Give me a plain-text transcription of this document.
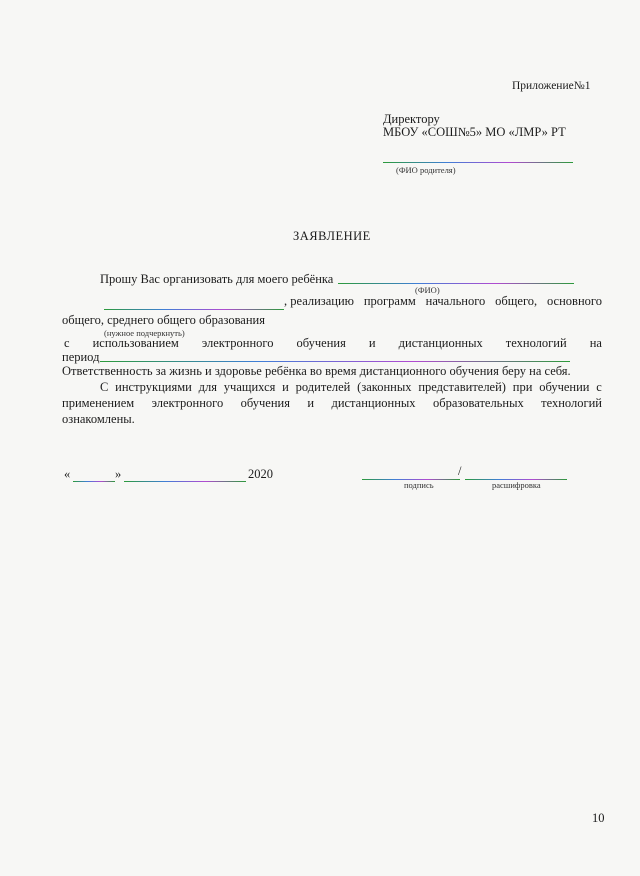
Приложение№1
Директору
МБОУ «СОШ№5» МО «ЛМР» РТ
(ФИО родителя)
ЗАЯВЛЕНИЕ
Прошу Вас организовать для моего ребёнка
(ФИО)
, реализацию программ начального общего, основного
общего, среднего общего образования
(нужное подчеркнуть)
с использованием электронного обучения и дистанционных технологий на
период
Ответственность за жизнь и здоровье ребёнка во время дистанционного обучения беру на себя.
С инструкциями для учащихся и родителей (законных представителей) при обучении с
применением электронного обучения и дистанционных образовательных технологий
ознакомлены.
«	»	2020	/
подпись	расшифровка
10
